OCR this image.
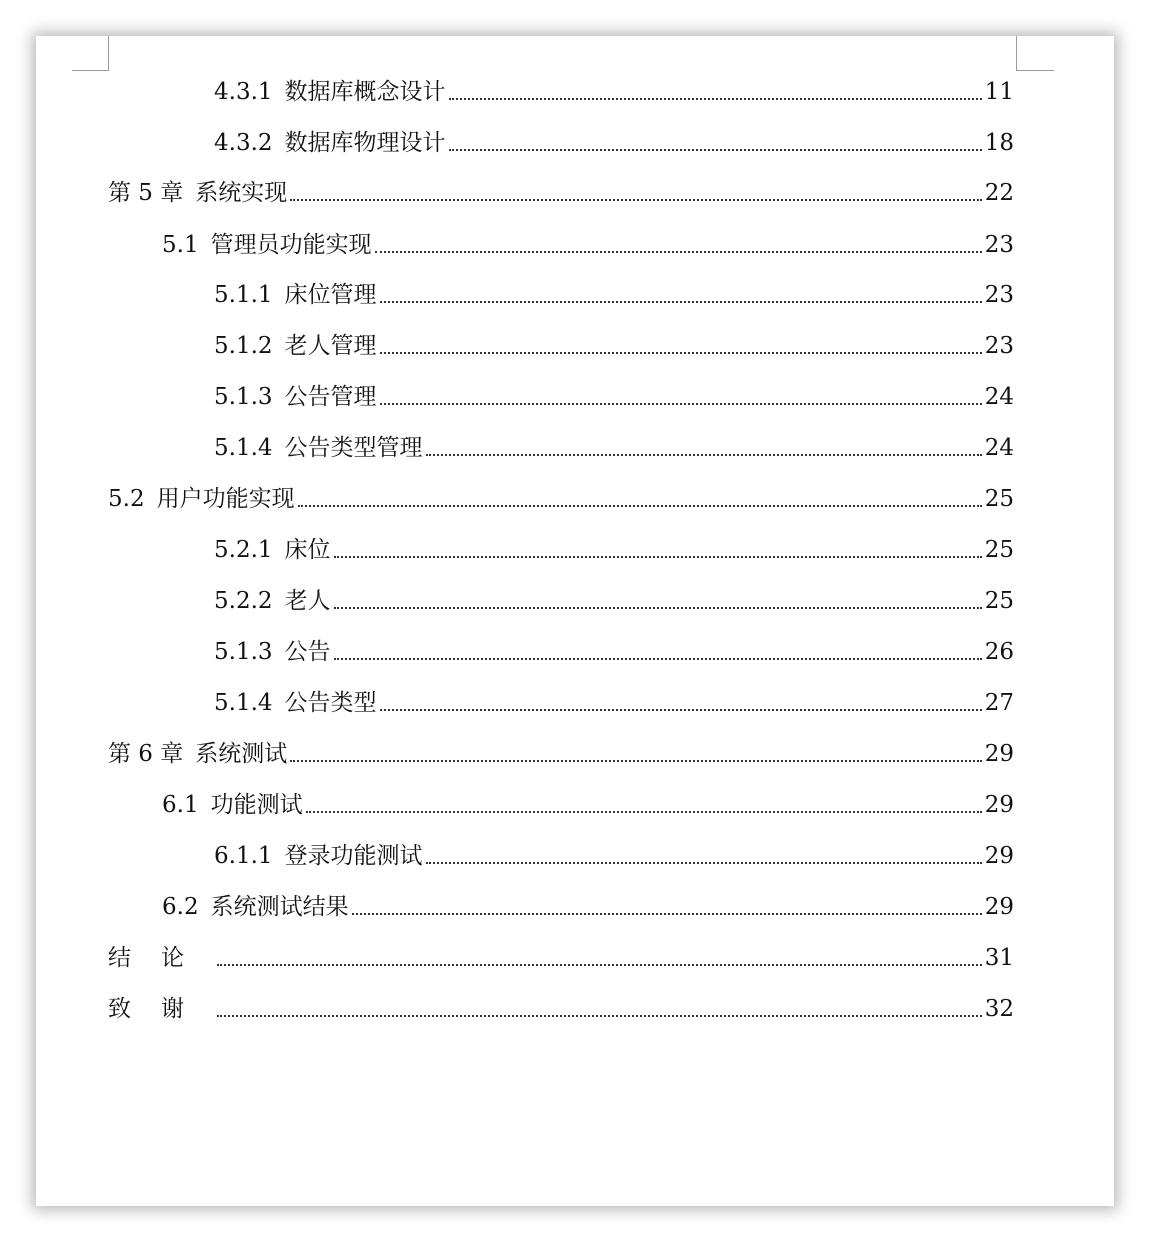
4.3.1 数据库概念设计	11
4.3.2 数据库物理设计	18
第 5 章 系统实现	22
5.1 管理员功能实现	23
5.1.1 床位管理	23
5.1.2 老人管理	23
5.1.3 公告管理	24
5.1.4 公告类型管理	24
5.2 用户功能实现	25
5.2.1 床位	25
5.2.2 老人	25
5.1.3 公告	26
5.1.4 公告类型	27
第 6 章 系统测试	29
6.1 功能测试	29
6.1.1 登录功能测试	29
6.2 系统测试结果	29
结论	31
致谢	32
